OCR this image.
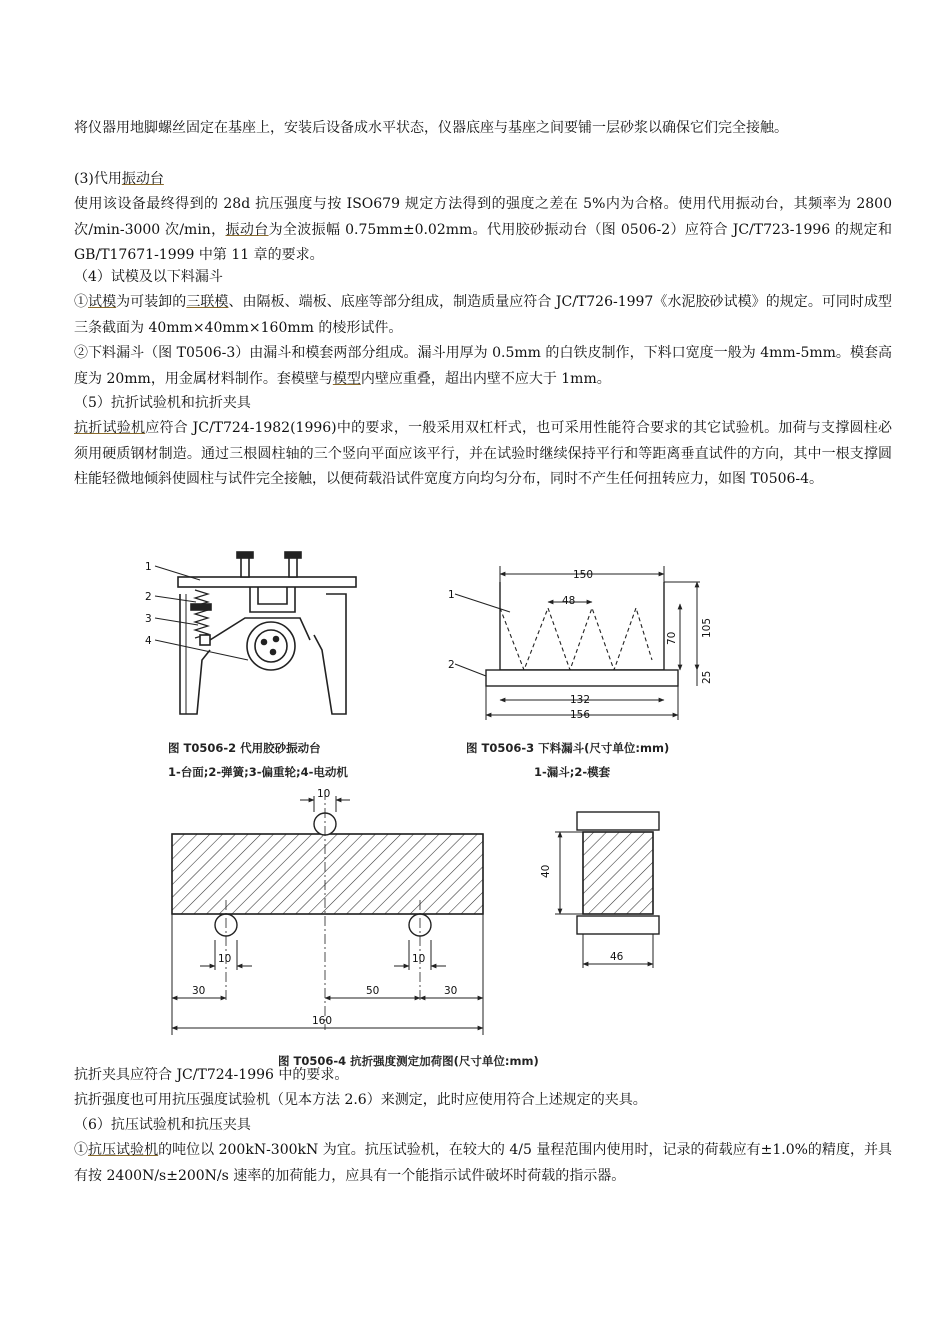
将仪器用地脚螺丝固定在基座上，安装后设备成水平状态，仪器底座与基座之间要铺一层砂浆以确保它们完全接触。
(3)代用振动台
使用该设备最终得到的 28d 抗压强度与按 ISO679 规定方法得到的强度之差在 5%内为合格。使用代用振动台，其频率为 2800 次/min-3000 次/min，振动台为全波振幅 0.75mm±0.02mm。代用胶砂振动台（图 0506-2）应符合 JC/T723-1996 的规定和 GB/T17671-1999 中第 11 章的要求。
（4）试模及以下料漏斗
①试模为可装卸的三联模、由隔板、端板、底座等部分组成，制造质量应符合 JC/T726-1997《水泥胶砂试模》的规定。可同时成型三条截面为 40mm×40mm×160mm 的棱形试件。
②下料漏斗（图 T0506-3）由漏斗和模套两部分组成。漏斗用厚为 0.5mm 的白铁皮制作，下料口宽度一般为 4mm-5mm。模套高度为 20mm，用金属材料制作。套模壁与模型内壁应重叠，超出内壁不应大于 1mm。
（5）抗折试验机和抗折夹具
抗折试验机应符合 JC/T724-1982(1996)中的要求，一般采用双杠杆式，也可采用性能符合要求的其它试验机。加荷与支撑圆柱必须用硬质钢材制造。通过三根圆柱轴的三个竖向平面应该平行，并在试验时继续保持平行和等距离垂直试件的方向，其中一根支撑圆柱能轻微地倾斜使圆柱与试件完全接触，以便荷载沿试件宽度方向均匀分布，同时不产生任何扭转应力，如图 T0506-4。
1
2
3
4
图 T0506-2 代用胶砂振动台
1-台面;2-弹簧;3-偏重轮;4-电动机
150
48
70
105
25
132
156
1
2
图 T0506-3 下料漏斗(尺寸单位:mm)
1-漏斗;2-模套
10
10	10
30	50	30
160
40
46
图 T0506-4 抗折强度测定加荷图(尺寸单位:mm)
抗折夹具应符合 JC/T724-1996 中的要求。
抗折强度也可用抗压强度试验机（见本方法 2.6）来测定，此时应使用符合上述规定的夹具。
（6）抗压试验机和抗压夹具
①抗压试验机的吨位以 200kN-300kN 为宜。抗压试验机，在较大的 4/5 量程范围内使用时，记录的荷载应有±1.0%的精度，并具有按 2400N/s±200N/s 速率的加荷能力，应具有一个能指示试件破坏时荷载的指示器。
